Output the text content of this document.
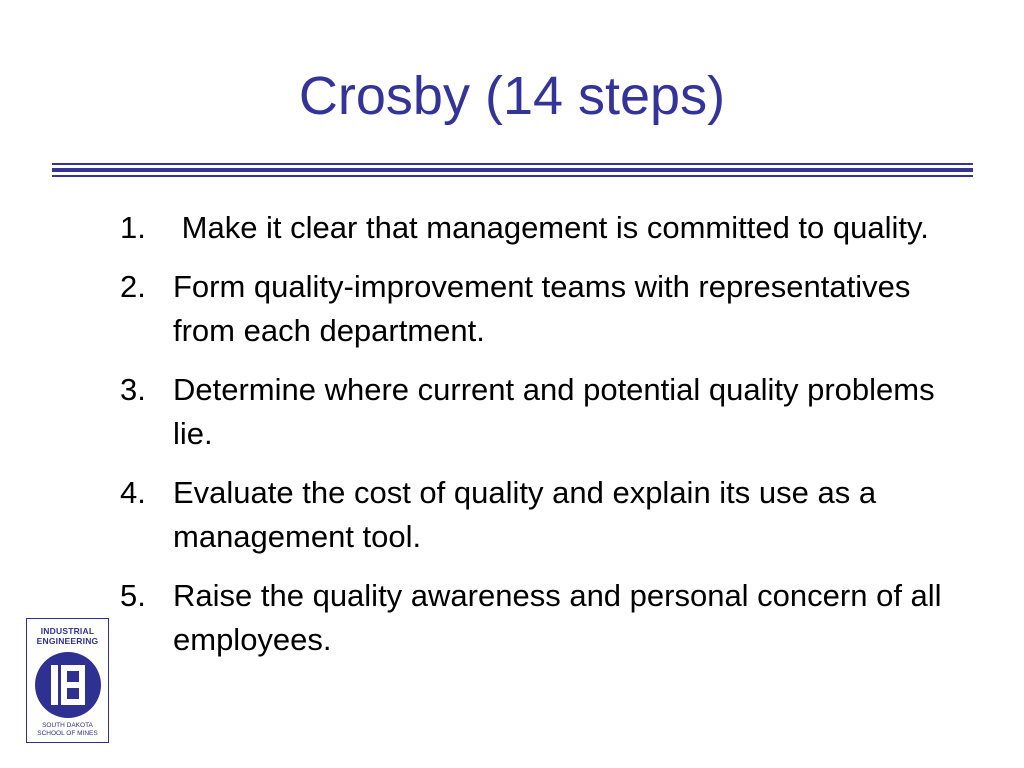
Crosby (14 steps)
1. Make it clear that management is committed to quality.
2. Form quality-improvement teams with representatives from each department.
3. Determine where current and potential quality problems lie.
4. Evaluate the cost of quality and explain its use as a management tool.
5. Raise the quality awareness and personal concern of all employees.
INDUSTRIAL
ENGINEERING
SOUTH DAKOTA
SCHOOL OF MINES
